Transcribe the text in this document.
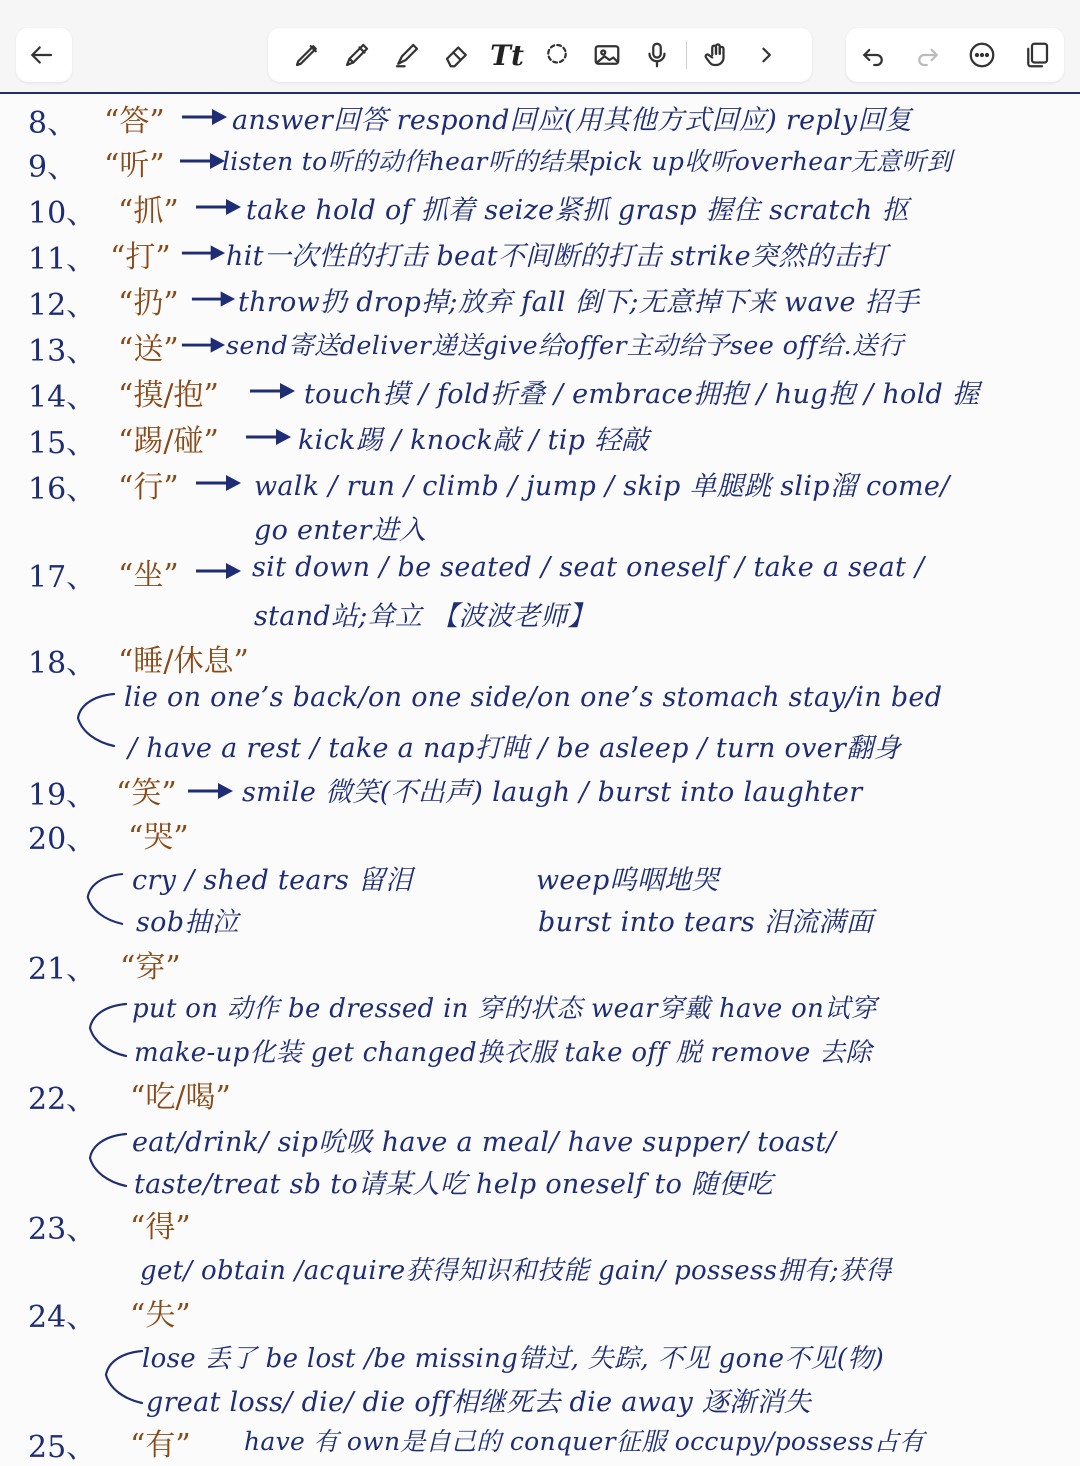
Tt
8、 “答” answer回答 respond回应(用其他方式回应) reply回复
9、 “听” listen to听的动作hear听的结果pick up收听overhear无意听到
10、 “抓” take hold of 抓着 seize紧抓 grasp 握住 scratch 抠
11、 “打” hit一次性的打击 beat不间断的打击 strike突然的击打
12、 “扔” throw扔 drop掉;放弃 fall 倒下;无意掉下来 wave 招手
13、 “送” send寄送deliver递送give给offer主动给予see off给.送行
14、 “摸/抱”	touch摸 / fold折叠 / embrace拥抱 / hug抱 / hold 握
15、 “踢/碰”	kick踢 / knock敲 / tip 轻敲
16、 “行”	walk / run / climb / jump / skip 单腿跳 slip溜 come/
go enter进入
17、 “坐”	sit down / be seated / seat oneself / take a seat /
stand站;耸立 【波波老师】
18、 “睡/休息”
lie on one’s back/on one side/on one’s stomach stay/in bed
/ have a rest / take a nap打盹 / be asleep / turn over翻身
19、 “笑” smile 微笑(不出声) laugh / burst into laughter
20、 “哭”
cry / shed tears 留泪	weep呜咽地哭
sob抽泣	burst into tears 泪流满面
21、 “穿”
put on 动作 be dressed in 穿的状态 wear穿戴 have on试穿
make-up化装 get changed换衣服 take off 脱 remove 去除
22、 “吃/喝”
eat/drink/ sip吮吸 have a meal/ have supper/ toast/
taste/treat sb to请某人吃 help oneself to 随便吃
23、 “得”
get/ obtain /acquire获得知识和技能 gain/ possess拥有;获得
24、 “失”
lose 丢了 be lost /be missing错过, 失踪, 不见 gone不见(物)
great loss/ die/ die off相继死去 die away 逐渐消失
25、 “有” have 有 own是自己的 conquer征服 occupy/possess占有
